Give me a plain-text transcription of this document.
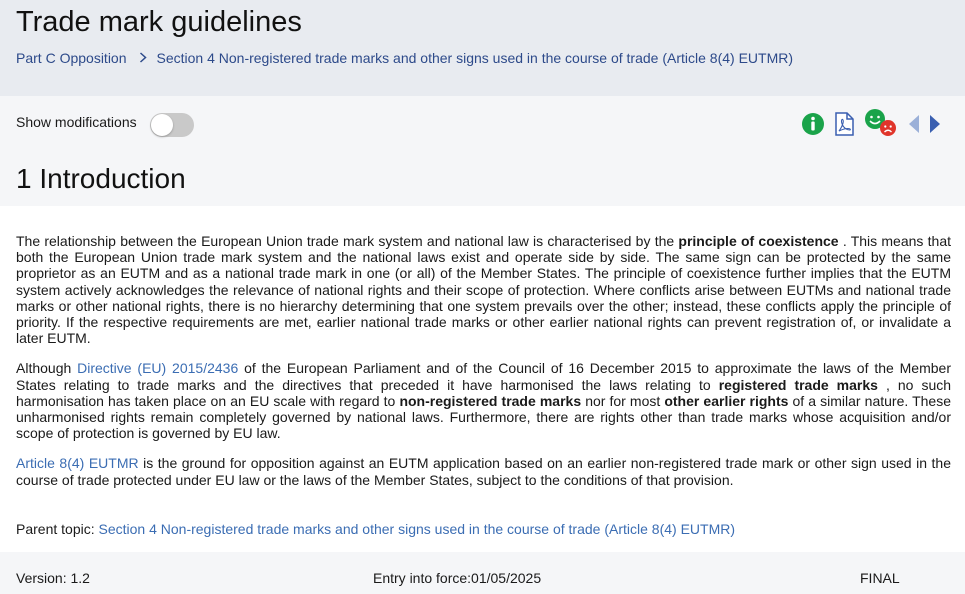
Trade mark guidelines
Part C Opposition Section 4 Non-registered trade marks and other signs used in the course of trade (Article 8(4) EUTMR)
Show modifications
1 Introduction

The relationship between the European Union trade mark system and national law is characterised by the principle of coexistence . This means that both the European Union trade mark system and the national laws exist and operate side by side. The same sign can be protected by the same proprietor as an EUTM and as a national trade mark in one (or all) of the Member States. The principle of coexistence further implies that the EUTM system actively acknowledges the relevance of national rights and their scope of protection. Where conflicts arise between EUTMs and national trade marks or other national rights, there is no hierarchy determining that one system prevails over the other; instead, these conflicts apply the principle of priority. If the respective requirements are met, earlier national trade marks or other earlier national rights can prevent registration of, or invalidate a later EUTM.

Although Directive (EU) 2015/2436 of the European Parliament and of the Council of 16 December 2015 to approximate the laws of the Member States relating to trade marks and the directives that preceded it have harmonised the laws relating to registered trade marks , no such harmonisation has taken place on an EU scale with regard to non-registered trade marks nor for most other earlier rights of a similar nature. These unharmonised rights remain completely governed by national laws. Furthermore, there are rights other than trade marks whose acquisition and/or scope of protection is governed by EU law.

Article 8(4) EUTMR is the ground for opposition against an EUTM application based on an earlier non-registered trade mark or other sign used in the course of trade protected under EU law or the laws of the Member States, subject to the conditions of that provision.

Parent topic: Section 4 Non-registered trade marks and other signs used in the course of trade (Article 8(4) EUTMR)
Version: 1.2	Entry into force:01/05/2025	FINAL
